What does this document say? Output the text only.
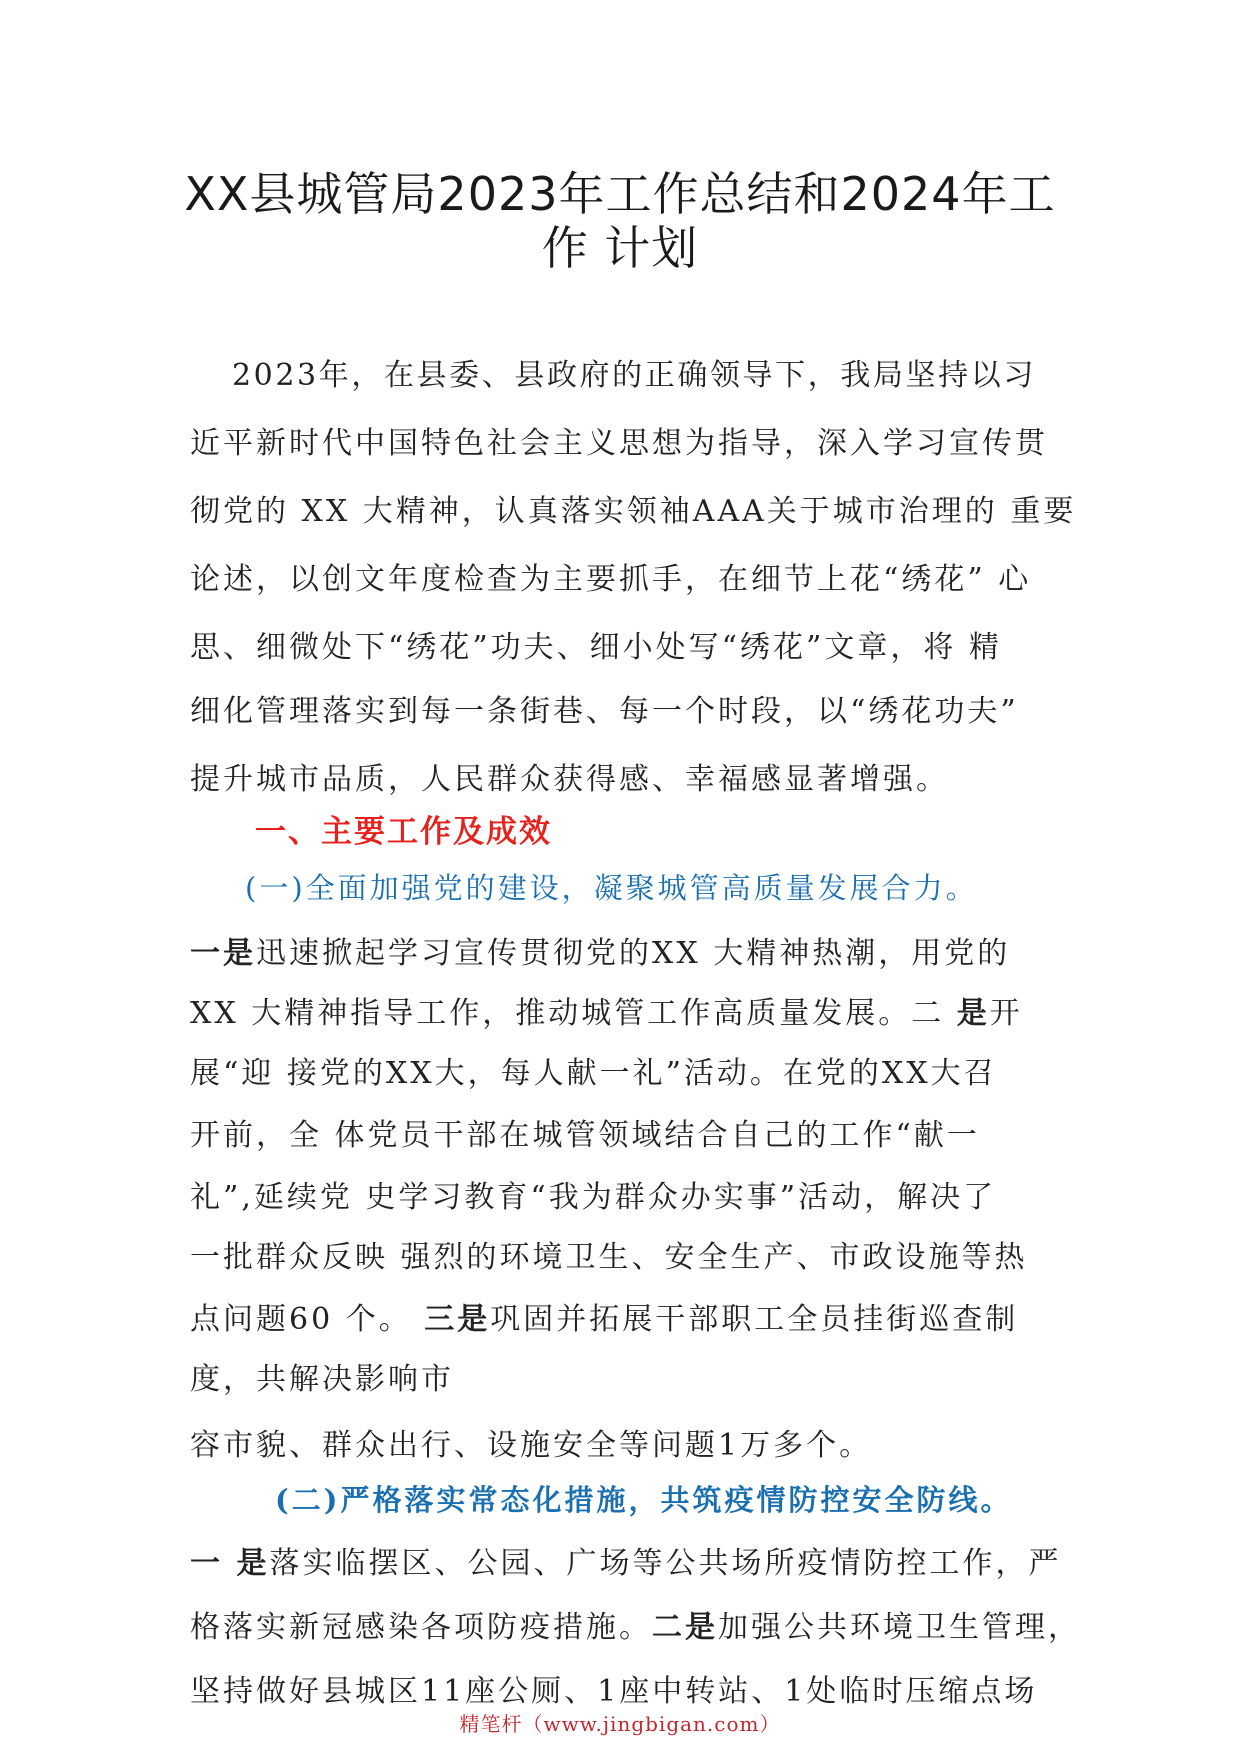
XX县城管局2023年工作总结和2024年工
作 计划
2023年，在县委、县政府的正确领导下，我局坚持以习
近平新时代中国特色社会主义思想为指导，深入学习宣传贯
彻党的 XX 大精神，认真落实领袖AAA关于城市治理的 重要
论述，以创文年度检查为主要抓手，在细节上花“绣花” 心
思、细微处下“绣花”功夫、细小处写“绣花”文章，将 精
细化管理落实到每一条街巷、每一个时段，以“绣花功夫”
提升城市品质，人民群众获得感、幸福感显著增强。
一、主要工作及成效
(一)全面加强党的建设，凝聚城管高质量发展合力。
一是迅速掀起学习宣传贯彻党的XX 大精神热潮，用党的
XX 大精神指导工作，推动城管工作高质量发展。二 是开
展“迎 接党的XX大，每人献一礼”活动。在党的XX大召
开前，全 体党员干部在城管领域结合自己的工作“献一
礼”,延续党 史学习教育“我为群众办实事”活动，解决了
一批群众反映 强烈的环境卫生、安全生产、市政设施等热
点问题60 个。 三是巩固并拓展干部职工全员挂街巡查制
度，共解决影响市
容市貌、群众出行、设施安全等问题1万多个。
(二)严格落实常态化措施，共筑疫情防控安全防线。
一 是落实临摆区、公园、广场等公共场所疫情防控工作，严
格落实新冠感染各项防疫措施。二是加强公共环境卫生管理，
坚持做好县城区11座公厕、1座中转站、1处临时压缩点场
精笔杆（www.jingbigan.com）
